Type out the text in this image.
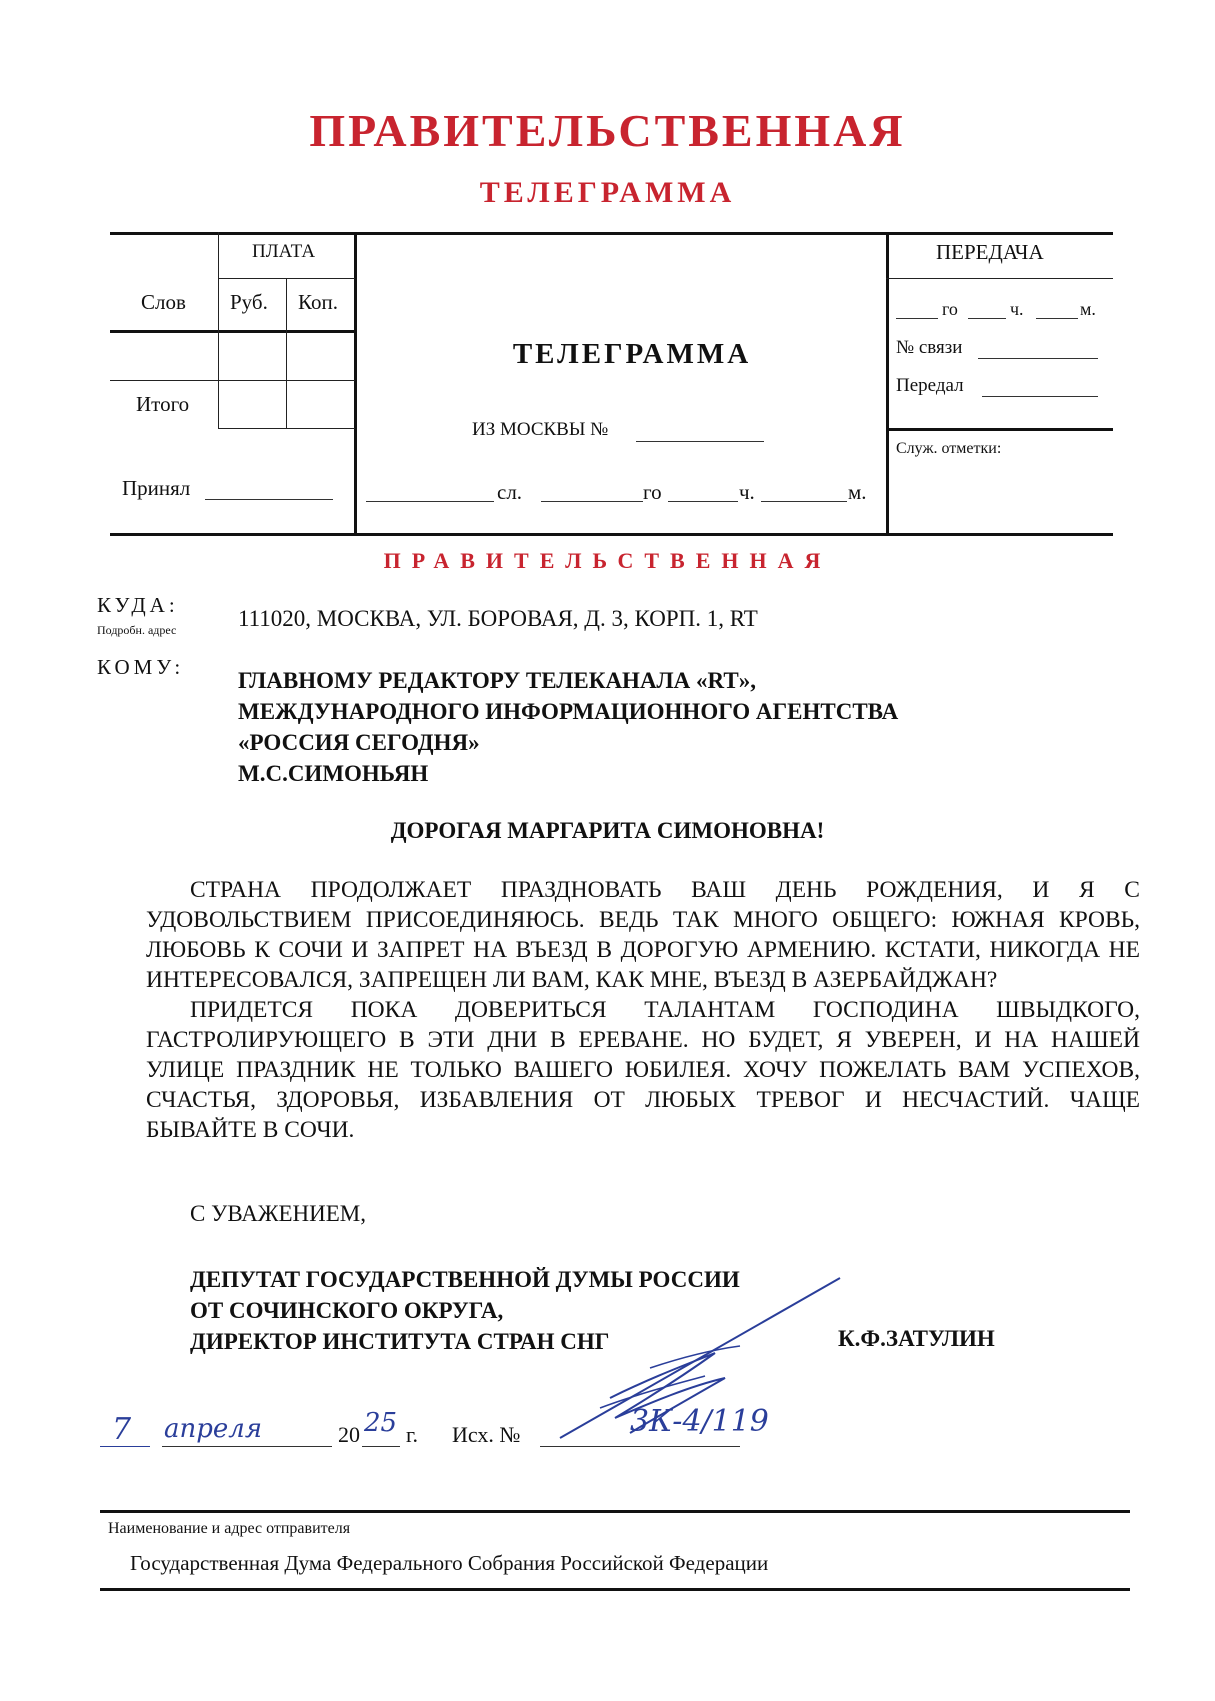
ПРАВИТЕЛЬСТВЕННАЯ
ТЕЛЕГРАММА
ПЛАТА
Слов Руб. Коп.
Итого
Принял
ТЕЛЕГРАММА
ИЗ МОСКВЫ №
сл.	го	ч.	м.
ПЕРЕДАЧА
го	ч.	м.
№ связи
Передал
Служ. отметки:
ПРАВИТЕЛЬСТВЕННАЯ
КУДА:
Подробн. адрес	111020, МОСКВА, УЛ. БОРОВАЯ, Д. 3, КОРП. 1, RT
КОМУ:
ГЛАВНОМУ РЕДАКТОРУ ТЕЛЕКАНАЛА «RT»,
МЕЖДУНАРОДНОГО ИНФОРМАЦИОННОГО АГЕНТСТВА
«РОССИЯ СЕГОДНЯ»
М.С.СИМОНЬЯН
ДОРОГАЯ МАРГАРИТА СИМОНОВНА!

СТРАНА ПРОДОЛЖАЕТ ПРАЗДНОВАТЬ ВАШ ДЕНЬ РОЖДЕНИЯ, И Я С УДОВОЛЬСТВИЕМ ПРИСОЕДИНЯЮСЬ. ВЕДЬ ТАК МНОГО ОБЩЕГО: ЮЖНАЯ КРОВЬ, ЛЮБОВЬ К СОЧИ И ЗАПРЕТ НА ВЪЕЗД В ДОРОГУЮ АРМЕНИЮ. КСТАТИ, НИКОГДА НЕ ИНТЕРЕСОВАЛСЯ, ЗАПРЕЩЕН ЛИ ВАМ, КАК МНЕ, ВЪЕЗД В АЗЕРБАЙДЖАН?

ПРИДЕТСЯ ПОКА ДОВЕРИТЬСЯ ТАЛАНТАМ ГОСПОДИНА ШВЫДКОГО, ГАСТРОЛИРУЮЩЕГО В ЭТИ ДНИ В ЕРЕВАНЕ. НО БУДЕТ, Я УВЕРЕН, И НА НАШЕЙ УЛИЦЕ ПРАЗДНИК НЕ ТОЛЬКО ВАШЕГО ЮБИЛЕЯ. ХОЧУ ПОЖЕЛАТЬ ВАМ УСПЕХОВ, СЧАСТЬЯ, ЗДОРОВЬЯ, ИЗБАВЛЕНИЯ ОТ ЛЮБЫХ ТРЕВОГ И НЕСЧАСТИЙ. ЧАЩЕ БЫВАЙТЕ В СОЧИ.

С УВАЖЕНИЕМ,
ДЕПУТАТ ГОСУДАРСТВЕННОЙ ДУМЫ РОССИИ
ОТ СОЧИНСКОГО ОКРУГА,
ДИРЕКТОР ИНСТИТУТА СТРАН СНГ	К.Ф.ЗАТУЛИН
7 апреля	20 25 г. Исх. №	3К-4/119
Наименование и адрес отправителя
Государственная Дума Федерального Собрания Российской Федерации
